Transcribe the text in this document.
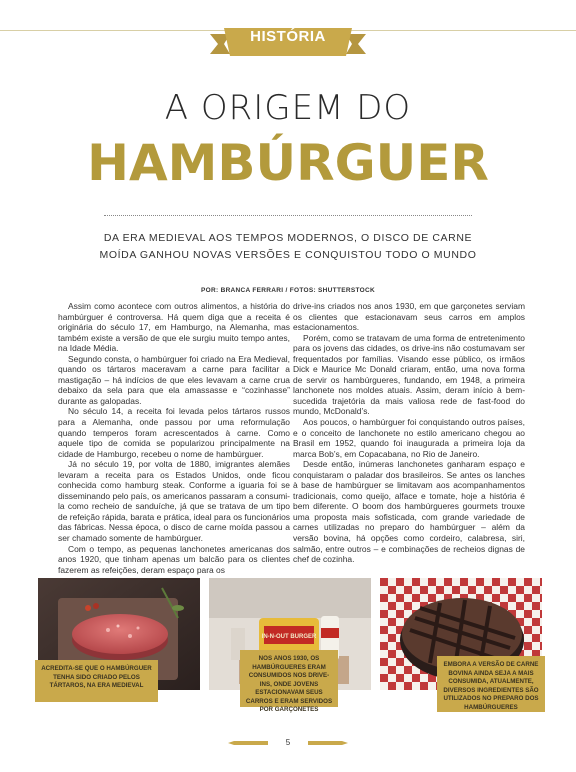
HISTÓRIA
A ORIGEM DO
HAMBÚRGUER
DA ERA MEDIEVAL AOS TEMPOS MODERNOS, O DISCO DE CARNE
MOÍDA GANHOU NOVAS VERSÕES E CONQUISTOU TODO O MUNDO
POR: BRANCA FERRARI / FOTOS: SHUTTERSTOCK

Assim como acontece com outros alimentos, a história do hambúrguer é controversa. Há quem diga que a receita é originária do século 17, em Hamburgo, na Alemanha, mas também existe a versão de que ele surgiu muito tempo antes, na Idade Média.

Segundo consta, o hambúrguer foi criado na Era Medieval, quando os tártaros maceravam a carne para facilitar a mastigação – há indícios de que eles levavam a carne crua debaixo da sela para que ela amassasse e “cozinhasse” durante as galopadas.

No século 14, a receita foi levada pelos tártaros russos para a Alemanha, onde passou por uma reformulação quando temperos foram acrescentados à carne. Como aquele tipo de comida se popularizou principalmente na cidade de Hamburgo, recebeu o nome de hambúrguer.

Já no século 19, por volta de 1880, imigrantes alemães levaram a receita para os Estados Unidos, onde ficou conhecida como hamburg steak. Conforme a iguaria foi se disseminando pelo país, os americanos passaram a consumi-la como recheio de sanduíche, já que se tratava de um tipo de refeição rápida, barata e prática, ideal para os funcionários das fábricas. Nessa época, o disco de carne moída passou a ser chamado somente de hambúrguer.

Com o tempo, as pequenas lanchonetes americanas dos anos 1920, que tinham apenas um balcão para os clientes fazerem as refeições, deram espaço para os

drive-ins criados nos anos 1930, em que garçonetes serviam os clientes que estacionavam seus carros em amplos estacionamentos.

Porém, como se tratavam de uma forma de entretenimento para os jovens das cidades, os drive-ins não costumavam ser frequentados por famílias. Visando esse público, os irmãos Dick e Maurice Mc Donald criaram, então, uma nova forma de servir os hambúrgueres, fundando, em 1948, a primeira lanchonete nos moldes atuais. Assim, deram início à bem-sucedida trajetória da mais valiosa rede de fast-food do mundo, McDonald’s.

Aos poucos, o hambúrguer foi conquistando outros países, e o conceito de lanchonete no estilo americano chegou ao Brasil em 1952, quando foi inaugurada a primeira loja da marca Bob’s, em Copacabana, no Rio de Janeiro.

Desde então, inúmeras lanchonetes ganharam espaço e conquistaram o paladar dos brasileiros. Se antes os lanches à base de hambúrguer se limitavam aos acompanhamentos tradicionais, como queijo, alface e tomate, hoje a história é bem diferente. O boom dos hambúrgueres gourmets trouxe uma proposta mais sofisticada, com grande variedade de carnes utilizadas no preparo do hambúrguer – além da versão bovina, há opções como cordeiro, calabresa, siri, salmão, entre outros – e combinações de recheios dignas de chef de cozinha.

IN-N-OUT BURGER
ACREDITA-SE QUE O HAMBÚRGUER TENHA SIDO CRIADO PELOS TÁRTAROS, NA ERA MEDIEVAL
NOS ANOS 1930, OS HAMBÚRGUERES ERAM CONSUMIDOS NOS DRIVE-INS, ONDE JOVENS ESTACIONAVAM SEUS CARROS E ERAM SERVIDOS POR GARÇONETES
EMBORA A VERSÃO DE CARNE BOVINA AINDA SEJA A MAIS CONSUMIDA, ATUALMENTE, DIVERSOS INGREDIENTES SÃO UTILIZADOS NO PREPARO DOS HAMBÚRGUERES
5
